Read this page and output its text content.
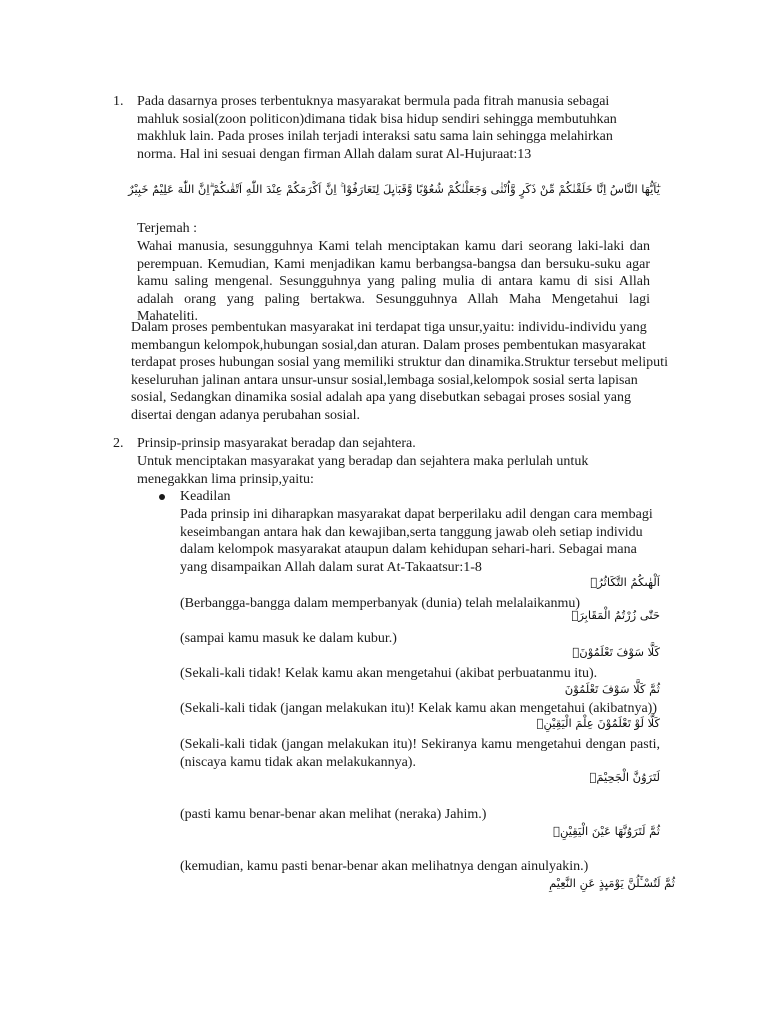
1. Pada dasarnya proses terbentuknya masyarakat bermula pada fitrah manusia sebagai mahluk sosial(zoon politicon)dimana tidak bisa hidup sendiri sehingga membutuhkan makhluk lain. Pada proses inilah terjadi interaksi satu sama lain sehingga melahirkan norma. Hal ini sesuai dengan firman Allah dalam surat Al-Hujuraat:13
يٰٓاَيُّهَا النَّاسُ اِنَّا خَلَقْنٰكُمْ مِّنْ ذَكَرٍ وَّاُنْثٰى وَجَعَلْنٰكُمْ شُعُوْبًا وَّقَبَاۤىِٕلَ لِتَعَارَفُوْا ۚ اِنَّ اَكْرَمَكُمْ عِنْدَ اللّٰهِ اَتْقٰىكُمْ ۗاِنَّ اللّٰهَ عَلِيْمٌ خَبِيْرٌ
Terjemah :
Wahai manusia, sesungguhnya Kami telah menciptakan kamu dari seorang laki-laki dan perempuan. Kemudian, Kami menjadikan kamu berbangsa-bangsa dan bersuku-suku agar kamu saling mengenal. Sesungguhnya yang paling mulia di antara kamu di sisi Allah adalah orang yang paling bertakwa. Sesungguhnya Allah Maha Mengetahui lagi Mahateliti.
Dalam proses pembentukan masyarakat ini terdapat tiga unsur,yaitu: individu-individu yang membangun kelompok,hubungan sosial,dan aturan. Dalam proses pembentukan masyarakat terdapat proses hubungan sosial yang memiliki struktur dan dinamika.Struktur tersebut meliputi keseluruhan jalinan antara unsur-unsur sosial,lembaga sosial,kelompok sosial serta lapisan sosial, Sedangkan dinamika sosial adalah apa yang disebutkan sebagai proses sosial yang disertai dengan adanya perubahan sosial.
2. Prinsip-prinsip masyarakat beradap dan sejahtera.
Untuk menciptakan masyarakat yang beradap dan sejahtera maka perlulah untuk menegakkan lima prinsip,yaitu:
Keadilan
Pada prinsip ini diharapkan masyarakat dapat berperilaku adil dengan cara membagi keseimbangan antara hak dan kewajiban,serta tanggung jawab oleh setiap individu dalam kelompok masyarakat ataupun dalam kehidupan sehari-hari. Sebagai mana yang disampaikan Allah dalam surat At-Takaatsur:1-8
اَلْهٰىكُمُ التَّكَاثُرُۙ
(Berbangga-bangga dalam memperbanyak (dunia) telah melalaikanmu)
حَتّٰى زُرْتُمُ الْمَقَابِرَۗ
(sampai kamu masuk ke dalam kubur.)
كَلَّا سَوْفَ تَعْلَمُوْنَۙ
(Sekali-kali tidak! Kelak kamu akan mengetahui (akibat perbuatanmu itu).
ثُمَّ كَلَّا سَوْفَ تَعْلَمُوْنَ
(Sekali-kali tidak (jangan melakukan itu)! Kelak kamu akan mengetahui (akibatnya))
كَلَّا لَوْ تَعْلَمُوْنَ عِلْمَ الْيَقِيْنِۗ
(Sekali-kali tidak (jangan melakukan itu)! Sekiranya kamu mengetahui dengan pasti, (niscaya kamu tidak akan melakukannya).
لَتَرَوُنَّ الْجَحِيْمَۙ
(pasti kamu benar-benar akan melihat (neraka) Jahim.)
ثُمَّ لَتَرَوُنَّهَا عَيْنَ الْيَقِيْنِۙ
(kemudian, kamu pasti benar-benar akan melihatnya dengan ainulyakin.)
ثُمَّ لَتُسْـَٔلُنَّ يَوْمَىِٕذٍ عَنِ النَّعِيْمِ
